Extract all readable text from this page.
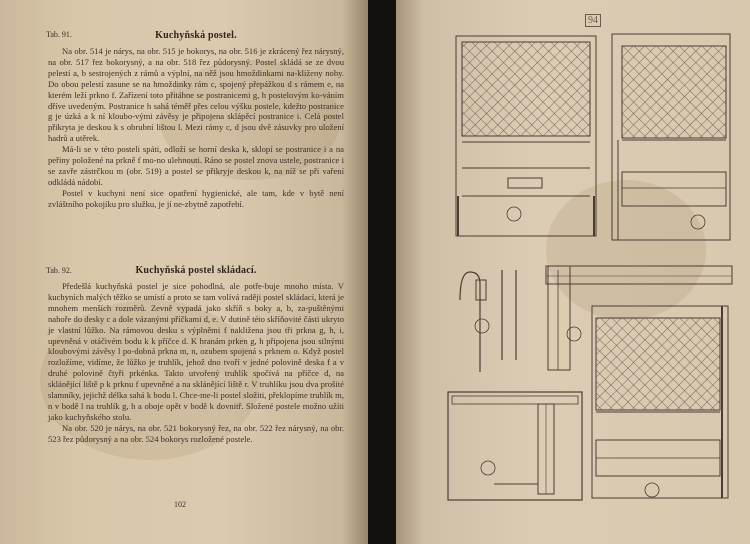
Tab. 91.	Kuchyňská postel.

Na obr. 514 je nárys, na obr. 515 je bokorys, na obr. 516 je zkrácený řez nárysný, na obr. 517 řez bokorysný, a na obr. 518 řez půdorysný. Postel skládá se ze dvou pelestí a, b sestrojených z rámů a výplní, na něž jsou hmoždinkami na-klíženy nohy. Do obou pelestí zasune se na hmoždinky rám c, spojený přepážkou d s rámem e, na kterém leží prkno f. Zařízení toto přitáhne se postranicemi g, h postelovým ko-váním dříve uvedeným. Postranice h sahá téměř přes celou výšku postele, kdežto postranice g je úzká a k ní kloubo-vými závěsy je připojena sklápěcí postranice i. Celá postel přikryta je deskou k s obrubní lištou l. Mezi rámy c, d jsou dvě zásuvky pro uložení hadrů a utěrek.

Má-li se v této posteli spáti, odloží se horní deska k, sklopí se postranice i a na peřiny položené na prkně f mo-no ulehnouti. Ráno se postel znova ustele, postranice i se zavře zástrčkou m (obr. 519) a postel se přikryje deskou k, na níž se při vaření odkládá nádobí.

Postel v kuchyni není sice opatření hygienické, ale tam, kde v bytě není zvláštního pokojíku pro služku, je jí ne-zbytně zapotřebí.

Tab. 92.	Kuchyňská postel skládací.

Předešlá kuchyňská postel je sice pohodlná, ale potře-buje mnoho místa. V kuchyních malých těžko se umístí a proto se tam volívá raději postel skládací, která je mnohem menších rozměrů. Zevně vypadá jako skříň s boky a, b, za-puštěnými nahoře do desky c a dole vázanými příčkami d, e. V dutině této skříňovité části ukryto je vlastní lůžko. Na rámovou desku s výplněmi f nakližena jsou tři prkna g, h, i, upevněná v otáčivém bodu k k příčce d. K hranám prken g, h připojena jsou silnými kloubovými závěsy l po-dobná prkna m, n, ozubem spojená s prknem o. Když postel rozložíme, vidíme, že lůžko je truhlík, jehož dno tvoří v jedné polovině deska f a v druhé polovině čtyři prkénka. Takto utvořený truhlík spočívá na příčce d, na sklánějící liště p k prknu f upevněné a na sklánějící liště r. V truhlíku jsou dva prošité slamníky, jejichž délka sahá k bodu l. Chce-me-li postel složiti, překlopíme truhlík m, n v bodě l na truhlík g, h a oboje opět v bodě k dovnitř. Složené postele možno užíti jako kuchyňského stolu.

Na obr. 520 je nárys, na obr. 521 bokorysný řez, na obr. 522 řez nárysný, na obr. 523 řez půdorysný a na obr. 524 bokorys rozložené postele.

102
94
